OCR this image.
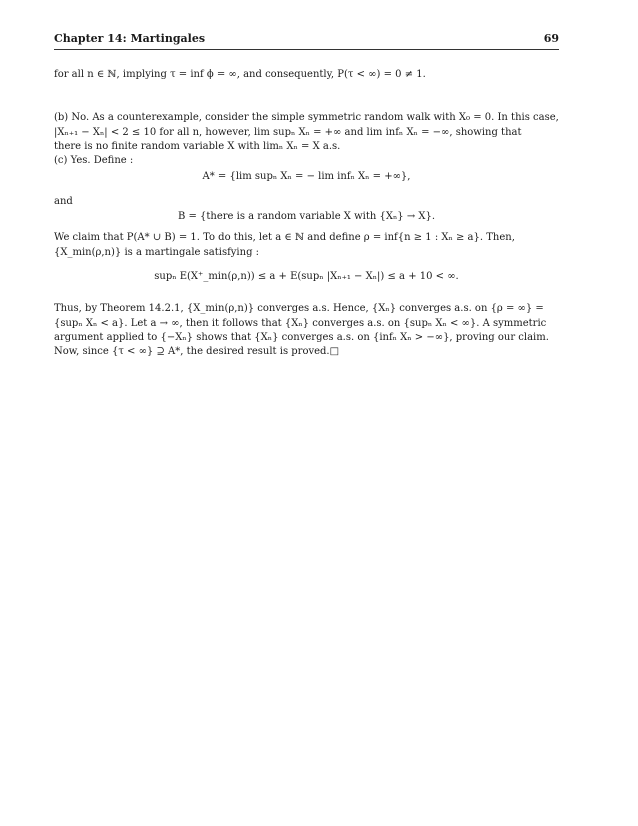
Chapter 14: Martingales	69
for all n ∈ ℕ, implying τ = inf ϕ = ∞, and consequently, P(τ < ∞) = 0 ≠ 1.
(b) No. As a counterexample, consider the simple symmetric random walk with X₀ = 0. In this case,
|Xₙ₊₁ − Xₙ| < 2 ≤ 10 for all n, however, lim supₙ Xₙ = +∞ and lim infₙ Xₙ = −∞, showing that
there is no finite random variable X with limₙ Xₙ = X a.s.
(c) Yes. Define :
A* = {lim supₙ Xₙ = − lim infₙ Xₙ = +∞},
and
B = {there is a random variable X with {Xₙ} → X}.
We claim that P(A* ∪ B) = 1. To do this, let a ∈ ℕ and define ρ = inf{n ≥ 1 : Xₙ ≥ a}. Then,
{X_min(ρ,n)} is a martingale satisfying :
supₙ E(X⁺_min(ρ,n)) ≤ a + E(supₙ |Xₙ₊₁ − Xₙ|) ≤ a + 10 < ∞.
Thus, by Theorem 14.2.1, {X_min(ρ,n)} converges a.s. Hence, {Xₙ} converges a.s. on {ρ = ∞} =
{supₙ Xₙ < a}. Let a → ∞, then it follows that {Xₙ} converges a.s. on {supₙ Xₙ < ∞}. A symmetric
argument applied to {−Xₙ} shows that {Xₙ} converges a.s. on {infₙ Xₙ > −∞}, proving our claim.
Now, since {τ < ∞} ⊇ A*, the desired result is proved.□
